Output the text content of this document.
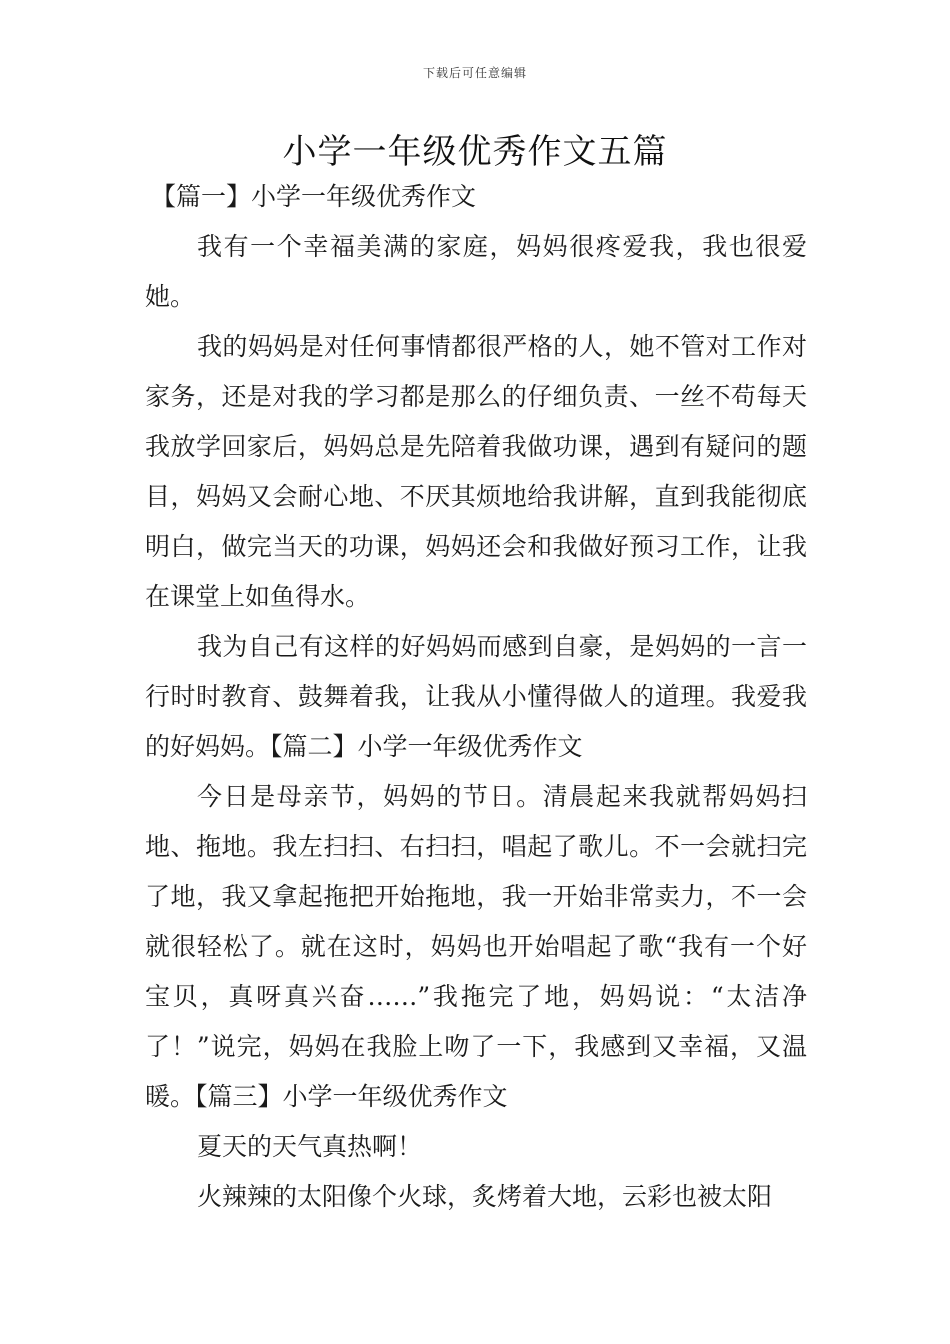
下载后可任意编辑
小学一年级优秀作文五篇

【篇一】小学一年级优秀作文

我有一个幸福美满的家庭，妈妈很疼爱我，我也很爱她。

我的妈妈是对任何事情都很严格的人，她不管对工作对家务，还是对我的学习都是那么的仔细负责、一丝不苟每天我放学回家后，妈妈总是先陪着我做功课，遇到有疑问的题目，妈妈又会耐心地、不厌其烦地给我讲解，直到我能彻底明白，做完当天的功课，妈妈还会和我做好预习工作，让我在课堂上如鱼得水。

我为自己有这样的好妈妈而感到自豪，是妈妈的一言一行时时教育、鼓舞着我，让我从小懂得做人的道理。我爱我的好妈妈。【篇二】小学一年级优秀作文

今日是母亲节，妈妈的节日。清晨起来我就帮妈妈扫地、拖地。我左扫扫、右扫扫，唱起了歌儿。不一会就扫完了地，我又拿起拖把开始拖地，我一开始非常卖力，不一会就很轻松了。就在这时，妈妈也开始唱起了歌“我有一个好宝贝，真呀真兴奋……”我拖完了地，妈妈说：“太洁净了！”说完，妈妈在我脸上吻了一下，我感到又幸福，又温暖。【篇三】小学一年级优秀作文

夏天的天气真热啊！

火辣辣的太阳像个火球，炙烤着大地，云彩也被太阳
